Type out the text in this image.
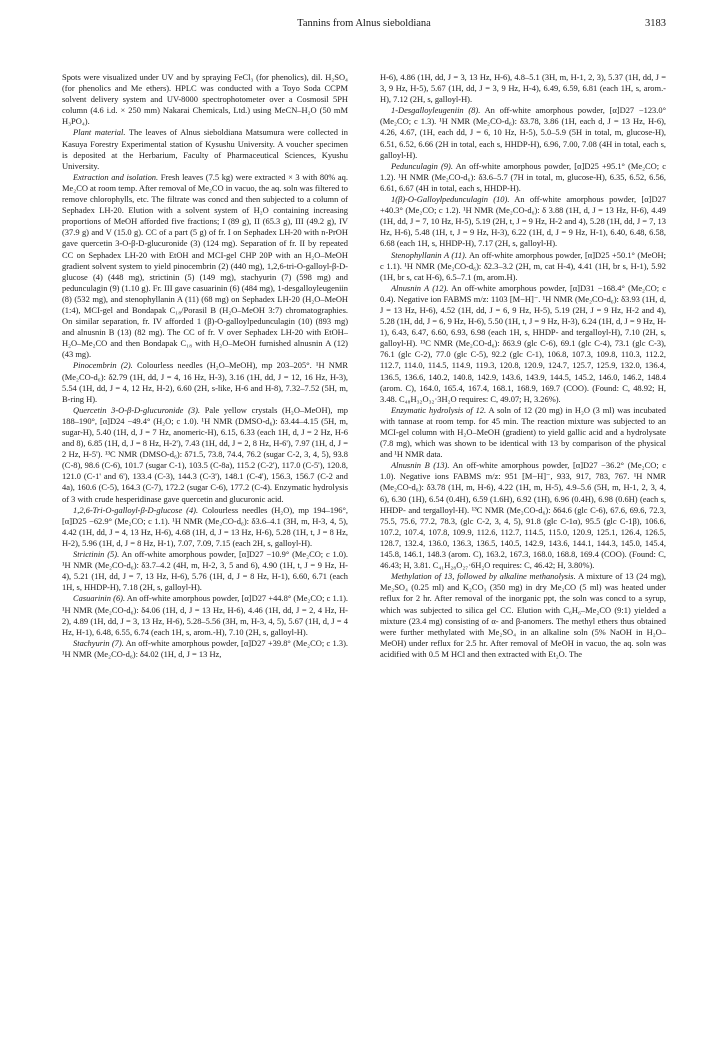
Tannins from Alnus sieboldiana	3183

Spots were visualized under UV and by spraying FeCl₃ (for phenolics), dil. H₂SO₄ (for phenolics and Me ethers). HPLC was conducted with a Toyo Soda CCPM solvent delivery system and UV-8000 spectrophotometer over a Cosmosil 5PH column (4.6 i.d. × 250 mm) Nakarai Chemicals, Ltd.) using MeCN–H₂O (50 mM H₃PO₄).

Plant material. The leaves of Alnus sieboldiana Matsumura were collected in Kasuya Forestry Experimental station of Kysushu University. A voucher specimen is deposited at the Herbarium, Faculty of Pharmaceutical Sciences, Kyushu University.

Extraction and isolation. Fresh leaves (7.5 kg) were extracted × 3 with 80% aq. Me₂CO at room temp. After removal of Me₂CO in vacuo, the aq. soln was filtered to remove chlorophylls, etc. The filtrate was concd and then subjected to a column of Sephadex LH-20. Elution with a solvent system of H₂O containing increasing proportions of MeOH afforded five fractions; I (89 g), II (65.3 g), III (49.2 g), IV (37.9 g) and V (15.0 g). CC of a part (5 g) of fr. I on Sephadex LH-20 with n-PrOH gave quercetin 3-O-β-D-glucuronide (3) (124 mg). Separation of fr. II by repeated CC on Sephadex LH-20 with EtOH and MCI-gel CHP 20P with an H₂O–MeOH gradient solvent system to yield pinocembrin (2) (440 mg), 1,2,6-tri-O-galloyl-β-D-glucose (4) (448 mg), strictinin (5) (149 mg), stachyurin (7) (598 mg) and pedunculagin (9) (1.10 g). Fr. III gave casuarinin (6) (484 mg), 1-desgalloyleugeniin (8) (532 mg), and stenophyllanin A (11) (68 mg) on Sephadex LH-20 (H₂O–MeOH (1:4), MCI-gel and Bondapak C₁₈/Porasil B (H₂O–MeOH 3:7) chromatographies. On similar separation, fr. IV afforded 1 (β)-O-galloylpedunculagin (10) (893 mg) and alnusnin B (13) (82 mg). The CC of fr. V over Sephadex LH-20 with EtOH–H₂O–Me₂CO and then Bondapak C₁₈ with H₂O–MeOH furnished alnusnin A (12) (43 mg).

Pinocembrin (2). Colourless needles (H₂O–MeOH), mp 203–205°. ¹H NMR (Me₂CO-d₆): δ2.79 (1H, dd, J = 4, 16 Hz, H-3), 3.16 (1H, dd, J = 12, 16 Hz, H-3), 5.54 (1H, dd, J = 4, 12 Hz, H-2), 6.60 (2H, s-like, H-6 and H-8), 7.32–7.52 (5H, m, B-ring H).

Quercetin 3-O-β-D-glucuronide (3). Pale yellow crystals (H₂O–MeOH), mp 188–190°, [α]D24 −49.4° (H₂O; c 1.0). ¹H NMR (DMSO-d₆): δ3.44–4.15 (5H, m, sugar-H), 5.40 (1H, d, J = 7 Hz, anomeric-H), 6.15, 6.33 (each 1H, d, J = 2 Hz, H-6 and 8), 6.85 (1H, d, J = 8 Hz, H-2'), 7.43 (1H, dd, J = 2, 8 Hz, H-6'), 7.97 (1H, d, J = 2 Hz, H-5'). ¹³C NMR (DMSO-d₆): δ71.5, 73.8, 74.4, 76.2 (sugar C-2, 3, 4, 5), 93.8 (C-8), 98.6 (C-6), 101.7 (sugar C-1), 103.5 (C-8a), 115.2 (C-2'), 117.0 (C-5'), 120.8, 121.0 (C-1' and 6'), 133.4 (C-3), 144.3 (C-3'), 148.1 (C-4'), 156.3, 156.7 (C-2 and 4a), 160.6 (C-5), 164.3 (C-7), 172.2 (sugar C-6), 177.2 (C-4). Enzymatic hydrolysis of 3 with crude hesperidinase gave quercetin and glucuronic acid.

1,2,6-Tri-O-galloyl-β-D-glucose (4). Colourless needles (H₂O), mp 194–196°, [α]D25 −62.9° (Me₂CO; c 1.1). ¹H NMR (Me₂CO-d₆): δ3.6–4.1 (3H, m, H-3, 4, 5), 4.42 (1H, dd, J = 4, 13 Hz, H-6), 4.68 (1H, d, J = 13 Hz, H-6), 5.28 (1H, t, J = 8 Hz, H-2), 5.96 (1H, d, J = 8 Hz, H-1), 7.07, 7.09, 7.15 (each 2H, s, galloyl-H).

Strictinin (5). An off-white amorphous powder, [α]D27 −10.9° (Me₂CO; c 1.0). ¹H NMR (Me₂CO-d₆): δ3.7–4.2 (4H, m, H-2, 3, 5 and 6), 4.90 (1H, t, J = 9 Hz, H-4), 5.21 (1H, dd, J = 7, 13 Hz, H-6), 5.76 (1H, d, J = 8 Hz, H-1), 6.60, 6.71 (each 1H, s, HHDP-H), 7.18 (2H, s, galloyl-H).

Casuarinin (6). An off-white amorphous powder, [α]D27 +44.8° (Me₂CO; c 1.1). ¹H NMR (Me₂CO-d₆): δ4.06 (1H, d, J = 13 Hz, H-6), 4.46 (1H, dd, J = 2, 4 Hz, H-2), 4.89 (1H, dd, J = 3, 13 Hz, H-6), 5.28–5.56 (3H, m, H-3, 4, 5), 5.67 (1H, d, J = 4 Hz, H-1), 6.48, 6.55, 6.74 (each 1H, s, arom.-H), 7.10 (2H, s, galloyl-H).

Stachyurin (7). An off-white amorphous powder, [α]D27 +39.8° (Me₂CO; c 1.3). ¹H NMR (Me₂CO-d₆): δ4.02 (1H, d, J = 13 Hz,

H-6), 4.86 (1H, dd, J = 3, 13 Hz, H-6), 4.8–5.1 (3H, m, H-1, 2, 3), 5.37 (1H, dd, J = 3, 9 Hz, H-5), 5.67 (1H, dd, J = 3, 9 Hz, H-4), 6.49, 6.59, 6.81 (each 1H, s, arom.-H), 7.12 (2H, s, galloyl-H).

1-Desgalloyleugeniin (8). An off-white amorphous powder, [α]D27 −123.0° (Me₂CO; c 1.3). ¹H NMR (Me₂CO-d₆): δ3.78, 3.86 (1H, each d, J = 13 Hz, H-6), 4.26, 4.67, (1H, each dd, J = 6, 10 Hz, H-5), 5.0–5.9 (5H in total, m, glucose-H), 6.51, 6.52, 6.66 (2H in total, each s, HHDP-H), 6.96, 7.00, 7.08 (4H in total, each s, galloyl-H).

Pedunculagin (9). An off-white amorphous powder, [α]D25 +95.1° (Me₂CO; c 1.2). ¹H NMR (Me₂CO-d₆): δ3.6–5.7 (7H in total, m, glucose-H), 6.35, 6.52, 6.56, 6.61, 6.67 (4H in total, each s, HHDP-H).

1(β)-O-Galloylpedunculagin (10). An off-white amorphous powder, [α]D27 +40.3° (Me₂CO; c 1.2). ¹H NMR (Me₂CO-d₆): δ 3.88 (1H, d, J = 13 Hz, H-6), 4.49 (1H, dd, J = 7, 10 Hz, H-5), 5.19 (2H, t, J = 9 Hz, H-2 and 4), 5.28 (1H, dd, J = 7, 13 Hz, H-6), 5.48 (1H, t, J = 9 Hz, H-3), 6.22 (1H, d, J = 9 Hz, H-1), 6.40, 6.48, 6.58, 6.68 (each 1H, s, HHDP-H), 7.17 (2H, s, galloyl-H).

Stenophyllanin A (11). An off-white amorphous powder, [α]D25 +50.1° (MeOH; c 1.1). ¹H NMR (Me₂CO-d₆): δ2.3–3.2 (2H, m, cat H-4), 4.41 (1H, br s, H-1), 5.92 (1H, br s, cat H-6), 6.5–7.1 (m, arom.H).

Alnusnin A (12). An off-white amorphous powder, [α]D31 −168.4° (Me₂CO; c 0.4). Negative ion FABMS m/z: 1103 [M−H]⁻. ¹H NMR (Me₂CO-d₆): δ3.93 (1H, d, J = 13 Hz, H-6), 4.52 (1H, dd, J = 6, 9 Hz, H-5), 5.19 (2H, J = 9 Hz, H-2 and 4), 5.28 (1H, dd, J = 6, 9 Hz, H-6), 5.50 (1H, t, J = 9 Hz, H-3), 6.24 (1H, d, J = 9 Hz, H-1), 6.43, 6.47, 6.60, 6.93, 6.98 (each 1H, s, HHDP- and tergalloyl-H), 7.10 (2H, s, galloyl-H). ¹³C NMR (Me₂CO-d₆): δ63.9 (glc C-6), 69.1 (glc C-4), 73.1 (glc C-3), 76.1 (glc C-2), 77.0 (glc C-5), 92.2 (glc C-1), 106.8, 107.3, 109.8, 110.3, 112.2, 112.7, 114.0, 114.5, 114.9, 119.3, 120.8, 120.9, 124.7, 125.7, 125.9, 132.0, 136.4, 136.5, 136.6, 140.2, 140.8, 142.9, 143.6, 143.9, 144.5, 145.2, 146.0, 146.2, 148.4 (arom. C), 164.0, 165.4, 167.4, 168.1, 168.9, 169.7 (COO). (Found: C, 48.92; H, 3.48. C₄₈H₃₂O₃₂·3H₂O requires: C, 49.07; H, 3.26%).

Enzymatic hydrolysis of 12. A soln of 12 (20 mg) in H₂O (3 ml) was incubated with tannase at room temp. for 45 min. The reaction mixture was subjected to an MCI-gel column with H₂O–MeOH (gradient) to yield gallic acid and a hydrolysate (7.8 mg), which was shown to be identical with 13 by comparison of the physical and ¹H NMR data.

Alnusnin B (13). An off-white amorphous powder, [α]D27 −36.2° (Me₂CO; c 1.0). Negative ions FABMS m/z: 951 [M−H]⁻, 933, 917, 783, 767. ¹H NMR (Me₂CO-d₆): δ3.78 (1H, m, H-6), 4.22 (1H, m, H-5), 4.9–5.6 (5H, m, H-1, 2, 3, 4, 6), 6.30 (1H), 6.54 (0.4H), 6.59 (1.6H), 6.92 (1H), 6.96 (0.4H), 6.98 (0.6H) (each s, HHDP- and tergalloyl-H). ¹³C NMR (Me₂CO-d₆): δ64.6 (glc C-6), 67.6, 69.6, 72.3, 75.5, 75.6, 77.2, 78.3, (glc C-2, 3, 4, 5), 91.8 (glc C-1α), 95.5 (glc C-1β), 106.6, 107.2, 107.4, 107.8, 109.9, 112.6, 112.7, 114.5, 115.0, 120.9, 125.1, 126.4, 126.5, 128.7, 132.4, 136.0, 136.3, 136.5, 140.5, 142.9, 143.6, 144.1, 144.3, 145.0, 145.4, 145.8, 146.1, 148.3 (arom. C), 163.2, 167.3, 168.0, 168.8, 169.4 (COO). (Found: C, 46.43; H, 3.81. C₄₁H₂₈O₂₇·6H₂O requires: C, 46.42; H, 3.80%).

Methylation of 13, followed by alkaline methanolysis. A mixture of 13 (24 mg), Me₂SO₄ (0.25 ml) and K₂CO₃ (350 mg) in dry Me₂CO (5 ml) was heated under reflux for 2 hr. After removal of the inorganic ppt, the soln was concd to a syrup, which was subjected to silica gel CC. Elution with C₆H₆–Me₂CO (9:1) yielded a mixture (23.4 mg) consisting of α- and β-anomers. The methyl ethers thus obtained were further methylated with Me₂SO₄ in an alkaline soln (5% NaOH in H₂O–MeOH) under reflux for 2.5 hr. After removal of MeOH in vacuo, the aq. soln was acidified with 0.5 M HCl and then extracted with Et₂O. The
